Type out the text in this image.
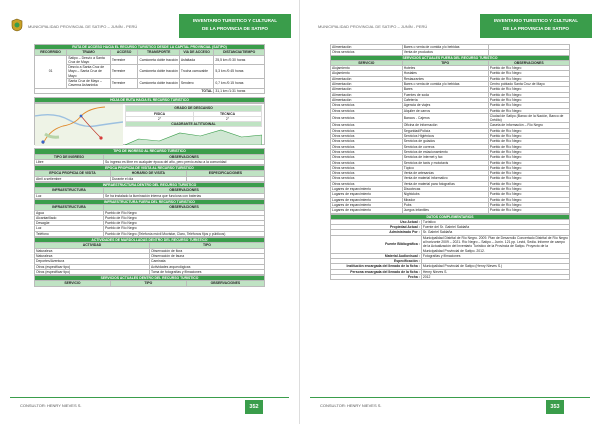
MUNICIPALIDAD PROVINCIAL DE SATIPO – JUNÍN - PERÚ
INVENTARIO TURISTICO Y CULTURAL
DE LA PROVINCIA DE SATIPO
RUTA DE ACCESO HACIA EL RECURSO TURISTICO DESDE LA CAPITAL PROVINCIAL (SATIPO)					
RECORRIDO	TRAMO	ACCESO	TRANSPORTE	VIA DE ACCESO	DISTANCIA/TIEMPO
01	Satipo – Desvío a Santa Cruz de Mayo	Terrestre	Camioneta doble tracción	Asfaltada	25,5 km /0:30 horas
	Desvío a Santa Cruz de Mayo – Santa Cruz de Mayo	Terrestre	Camioneta doble tracción	Trocha carrozable	5,3 km /0:45 horas
	Santa Cruz de Mayo – Caverna Ashaninka	Terrestre	Camioneta doble tracción	Sendero	0,7 km /0:15 horas
TOTAL					31,1 km /1:31 horas
HOJA DE RUTA HACIA EL RECURSO TURISTICO
GRADO DE DESCANSO	
FISICA	TECNICA
2°	2°
CUADRANTE ALTITUDINAL	
TIPO DE INGRESO AL RECURSO TURISTICO	
TIPO DE INGRESO	OBSERVACIONES
Libre	Su ingreso es libre en cualquier época del año, pero previo aviso a la comunidad
EPOCA PROPICIA DE VISITA AL RECURSO TURISTICO		
EPOCA PROPICIA DE VISITA	HORARIO DE VISITA	ESPECIFICACIONES
Abril a setiembre	Durante el día	
INFRAESTRUCTURA DENTRO DEL RECURSO TURISTICO	
INFRAESTRUCTURA	OBSERVACIONES
Luz	Se ha instalado la iluminación interna que funciona con baterías
INFRAESTRUCTURA FUERA DEL RECURSO TURISTICO	
INFRAESTRUCTURA	OBSERVACIONES
Agua	Pueblo de Río Negro
Alcantarillado	Pueblo de Río Negro
Desagüe	Pueblo de Río Negro
Luz	Pueblo de Río Negro
Teléfono	Pueblo de Río Negro (Telefonía móvil Movistar, Claro, Teléfonos fijos y públicos)
ACTIVIDADES DE MARDOLLADAS DENTRO DEL RECURSO TURISTICO	
ACTIVIDAD	TIPO
Naturaleza	Observación de flora
Naturaleza	Observación de fauna
Deportes/Aventura	Caminata
Otros (especificar tipo)	Actividades arqueológicas
Otros (especificar tipo)	Toma de fotografías y filmaciones
SERVICIOS ACTUALES DENTRO DEL RECURSO TURISTICO
SERVICIO	TIPO	OBSERVACIONES
CONSULTOR: HENRY NIEVES S.	352
MUNICIPALIDAD PROVINCIAL DE SATIPO – JUNÍN - PERÚ
INVENTARIO TURISTICO Y CULTURAL
DE LA PROVINCIA DE SATIPO
Alimentación	Bares o venta de comida y/o bebidas	
Otros servicios	Venta de productos	
SERVICIOS ACTUALES FUERA DEL RECURSO TURISTICO		
SERVICIO	TIPO	OBSERVACIONES
Alojamiento	Hoteles	Pueblo de Río Negro
Alojamiento	Hostales	Pueblo de Río Negro
Alimentación	Restaurantes	Pueblo de Río Negro
Alimentación	Bares o venta de comida y/o bebidas	Centro poblado Santa Cruz de Mayo
Alimentación	Bares	Pueblo de Río Negro
Alimentación	Fuentes de soda	Pueblo de Río Negro
Alimentación	Cafetería	Pueblo de Río Negro
Otros servicios	Agencia de viajes	Pueblo de Río Negro
Otros servicios	Alquiler de carros	Pueblo de Río Negro
Otros servicios	Bancos - Cajeros	Ciudad de Satipo (Banco de la Nación, Banco de Crédito)
Otros servicios	Oficina de información	Caseta de información – Río Negro
Otros servicios	Seguridad/Policía	Pueblo de Río Negro
Otros servicios	Servicios Higiénicos	Pueblo de Río Negro
Otros servicios	Servicios de guiados	Pueblo de Río Negro
Otros servicios	Servicios de correos	Pueblo de Río Negro
Otros servicios	Servicios de estacionamiento	Pueblo de Río Negro
Otros servicios	Servicios de internet y fax	Pueblo de Río Negro
Otros servicios	Servicios de taxis y mototaxis	Pueblo de Río Negro
Otros servicios	Tópico	Pueblo de Río Negro
Otros servicios	Venta de artesanías	Pueblo de Río Negro
Otros servicios	Venta de material informativo	Pueblo de Río Negro
Otros servicios	Venta de material para fotografías	Pueblo de Río Negro
Lugares de esparcimiento	Discotecas	Pueblo de Río Negro
Lugares de esparcimiento	Nightclubs	Pueblo de Río Negro
Lugares de esparcimiento	Mirador	Pueblo de Río Negro
Lugares de esparcimiento	Pubs	Pueblo de Río Negro
Lugares de esparcimiento	Juegos infantiles	Pueblo de Río Negro
DATOS COMPLEMENTARIOS	
Uso Actual :	Turístico
Propiedad Actual :	Fuente del Sr. Gabriel Saldaña
Administrado Por :	Sr. Gabriel Saldaña
Fuente Bibliográfica :	Municipalidad Distrital de Río Negro. 2009. Plan de Desarrollo Concertado Distrital de Río Negro al horizonte 2009 – 2021. Río Negro – Satipo – Junín. 121 pp. Lezid, Sedia. Informe de campo de la Actualización del Inventario Turístico de la Provincia de Satipo. Proyecto de la Municipalidad Provincial de Satipo. 2012.
Material Audiovisual :	Fotografías y filmaciones
Especificación :	
Institución encargada del llenado de la ficha :	Municipalidad Provincial de Satipo (Henry Nieves S.)
Persona encargada del llenado de la ficha :	Henry Nieves S.
Fecha :	2012
CONSULTOR: HENRY NIEVES S.	353
